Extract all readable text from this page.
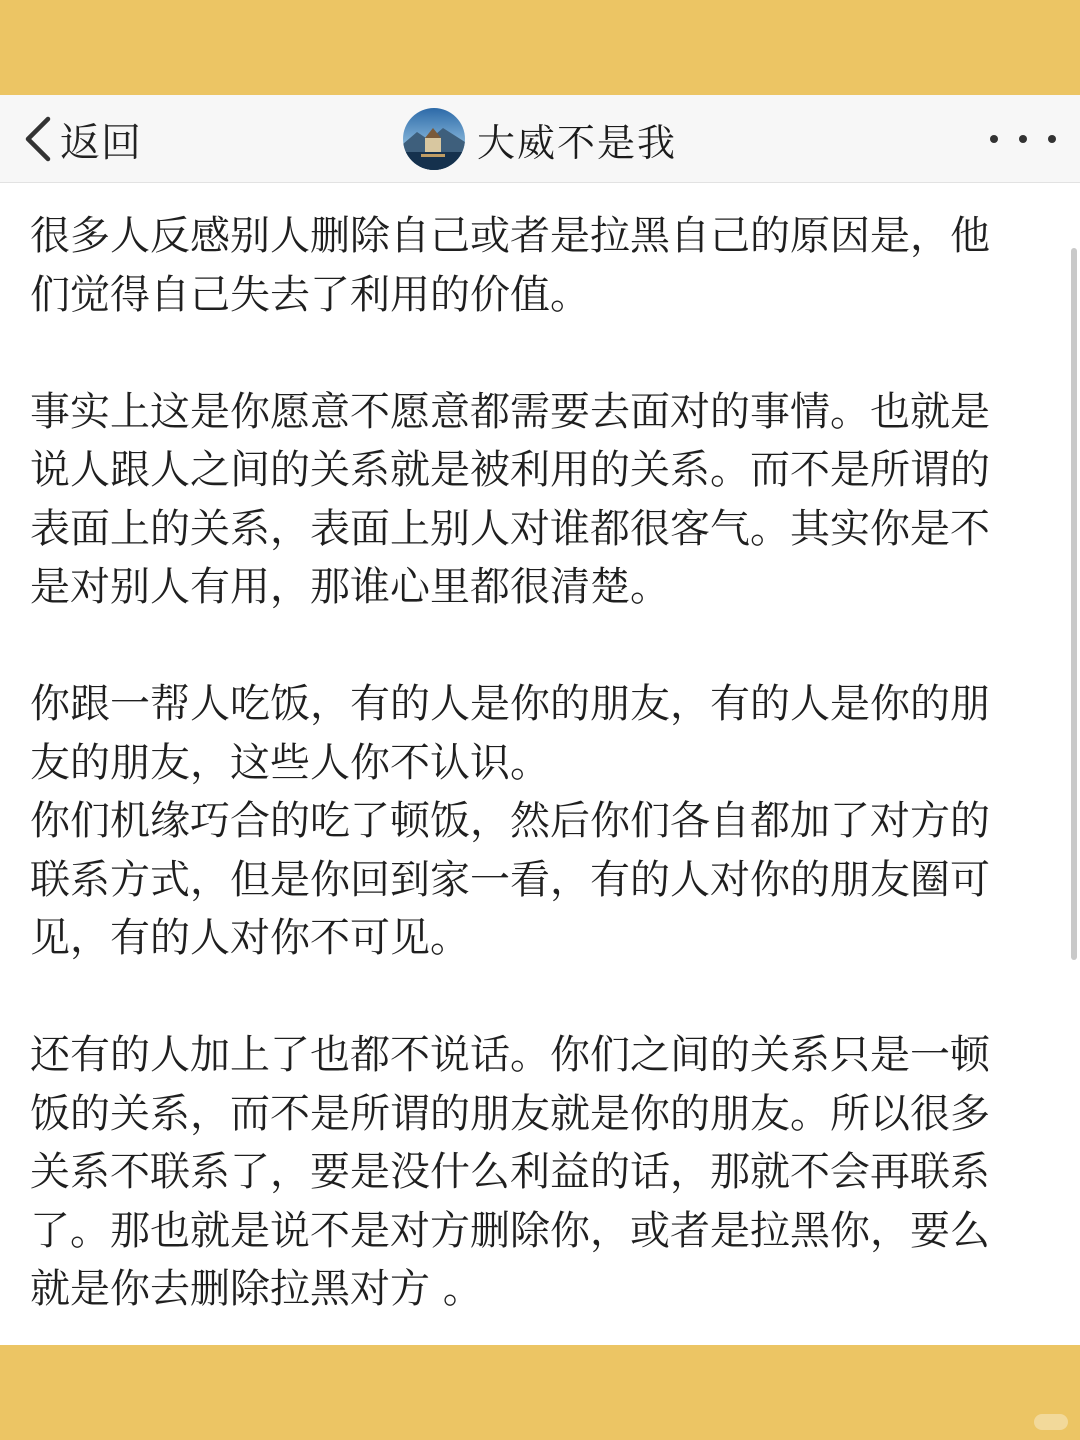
返回	大威不是我

很多人反感别人删除自己或者是拉黑自己的原因是，他
们觉得自己失去了利用的价值。

事实上这是你愿意不愿意都需要去面对的事情。也就是
说人跟人之间的关系就是被利用的关系。而不是所谓的
表面上的关系，表面上别人对谁都很客气。其实你是不
是对别人有用，那谁心里都很清楚。

你跟一帮人吃饭，有的人是你的朋友，有的人是你的朋
友的朋友，这些人你不认识。
你们机缘巧合的吃了顿饭，然后你们各自都加了对方的
联系方式，但是你回到家一看，有的人对你的朋友圈可
见，有的人对你不可见。

还有的人加上了也都不说话。你们之间的关系只是一顿
饭的关系，而不是所谓的朋友就是你的朋友。所以很多
关系不联系了，要是没什么利益的话，那就不会再联系
了。那也就是说不是对方删除你，或者是拉黑你，要么
就是你去删除拉黑对方 。
